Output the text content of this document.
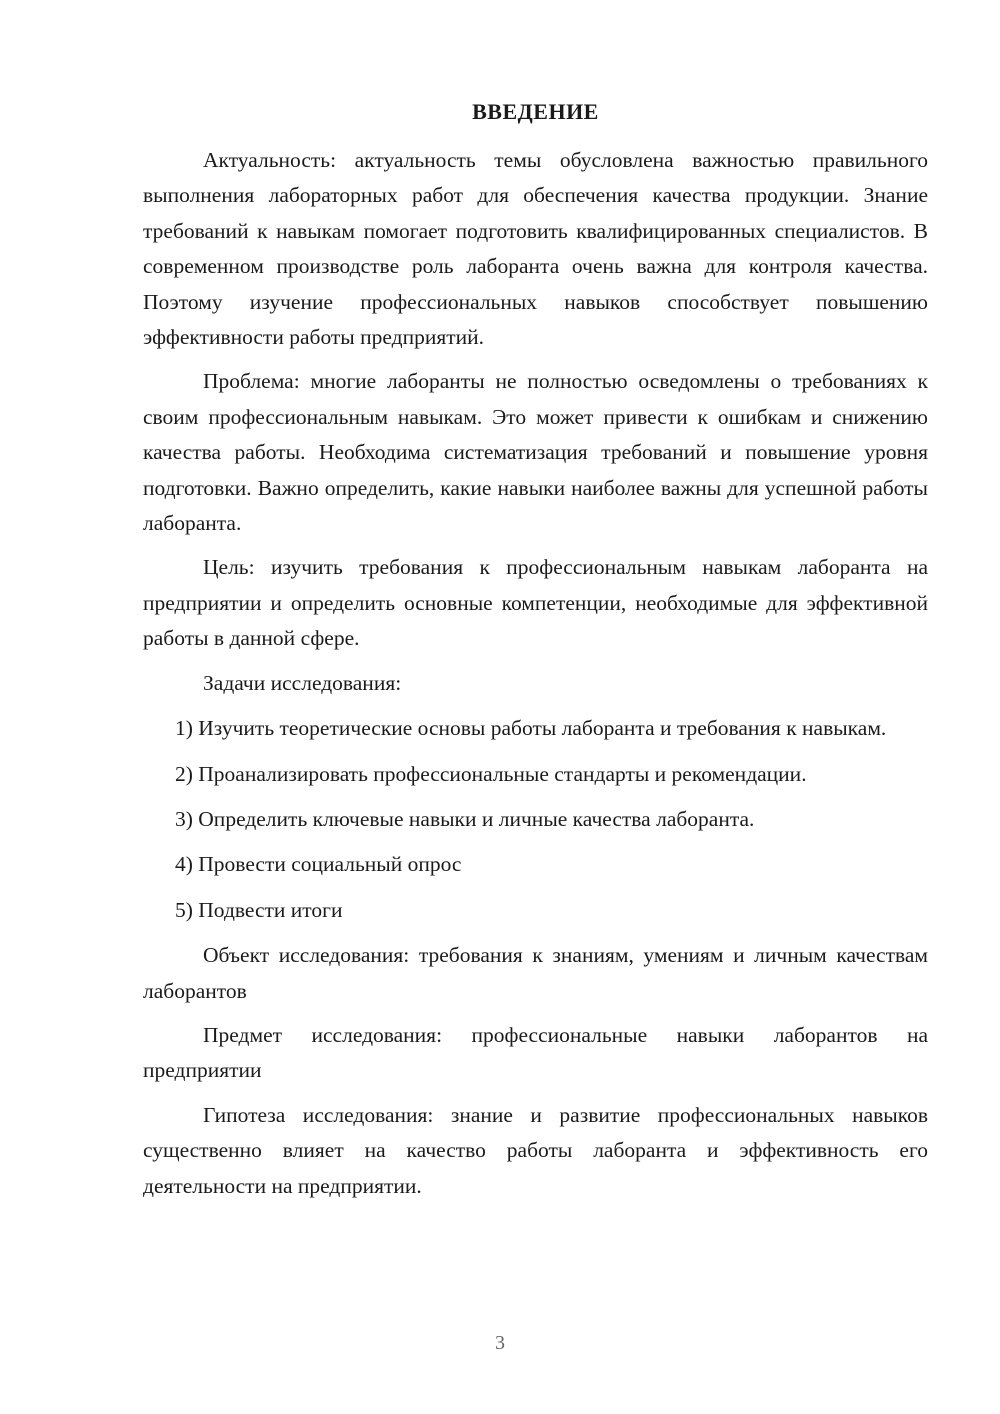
ВВЕДЕНИЕ

Актуальность: актуальность темы обусловлена важностью правильного выполнения лабораторных работ для обеспечения качества продукции. Знание требований к навыкам помогает подготовить квалифицированных специалистов. В современном производстве роль лаборанта очень важна для контроля качества. Поэтому изучение профессиональных навыков способствует повышению эффективности работы предприятий.

Проблема: многие лаборанты не полностью осведомлены о требованиях к своим профессиональным навыкам. Это может привести к ошибкам и снижению качества работы. Необходима систематизация требований и повышение уровня подготовки. Важно определить, какие навыки наиболее важны для успешной работы лаборанта.

Цель: изучить требования к профессиональным навыкам лаборанта на предприятии и определить основные компетенции, необходимые для эффективной работы в данной сфере.

Задачи исследования:

1) Изучить теоретические основы работы лаборанта и требования к навыкам.

2) Проанализировать профессиональные стандарты и рекомендации.

3) Определить ключевые навыки и личные качества лаборанта.

4) Провести социальный опрос

5) Подвести итоги

Объект исследования: требования к знаниям, умениям и личным качествам лаборантов

Предмет исследования: профессиональные навыки лаборантов на предприятии

Гипотеза исследования: знание и развитие профессиональных навыков существенно влияет на качество работы лаборанта и эффективность его деятельности на предприятии.

3
